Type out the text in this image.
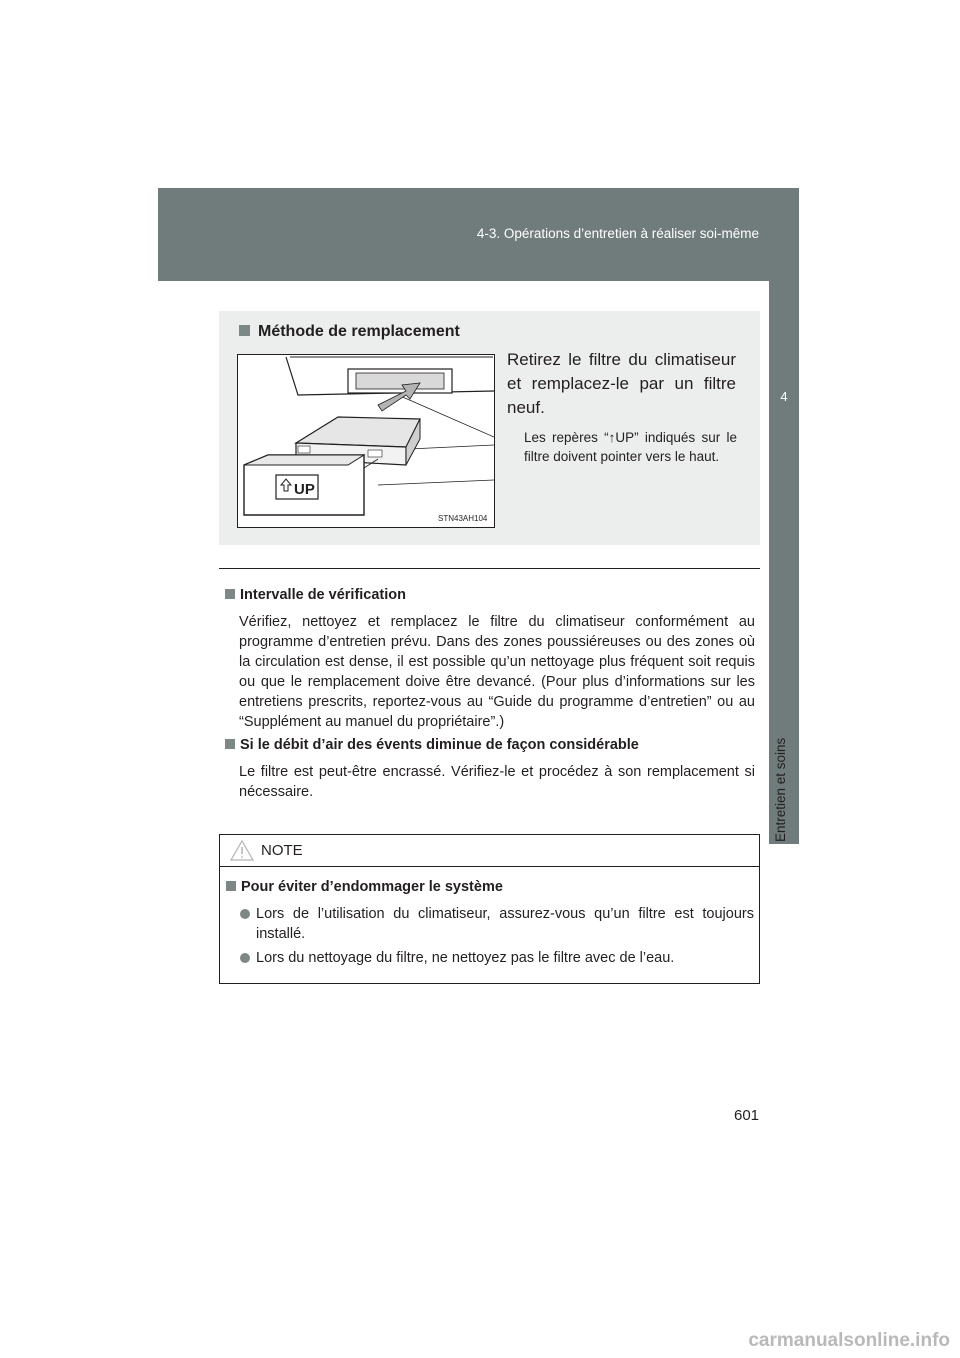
4-3. Opérations d’entretien à réaliser soi-même
4
Entretien et soins
Méthode de remplacement
UP
STN43AH104
Retirez le filtre du climatiseur et remplacez-le par un filtre neuf.
Les repères “↑UP” indiqués sur le filtre doivent pointer vers le haut.
Intervalle de vérification
Vérifiez, nettoyez et remplacez le filtre du climatiseur conformément au programme d’entretien prévu. Dans des zones poussiéreuses ou des zones où la circulation est dense, il est possible qu’un nettoyage plus fréquent soit requis ou que le remplacement doive être devancé. (Pour plus d’informations sur les entretiens prescrits, reportez-vous au “Guide du programme d’entretien” ou au “Supplément au manuel du propriétaire”.)
Si le débit d’air des évents diminue de façon considérable
Le filtre est peut-être encrassé. Vérifiez-le et procédez à son remplacement si nécessaire.
NOTE
Pour éviter d’endommager le système
Lors de l’utilisation du climatiseur, assurez-vous qu’un filtre est toujours installé.
Lors du nettoyage du filtre, ne nettoyez pas le filtre avec de l’eau.
601
carmanualsonline.info
